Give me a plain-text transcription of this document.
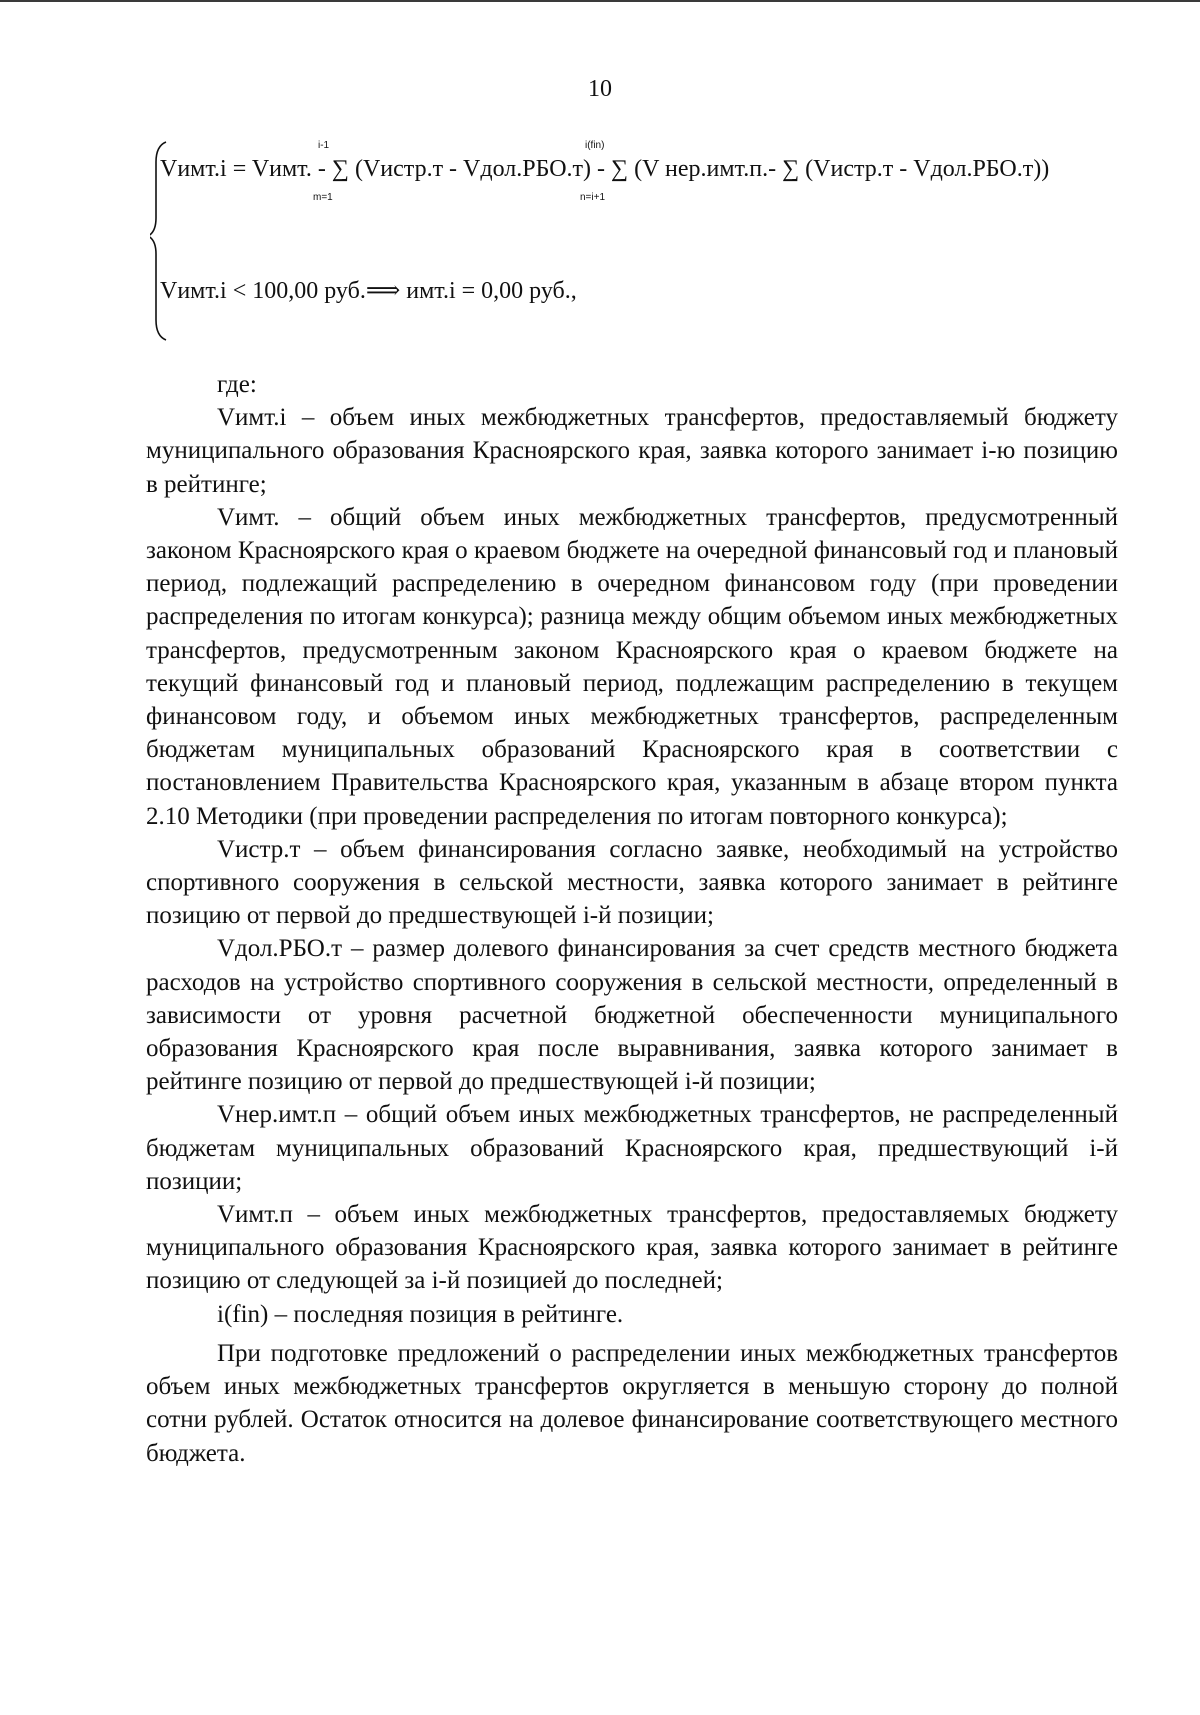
10
Vимт.i = Vимт. - ∑ (Vистр.т - Vдол.РБО.т) - ∑ (V нер.имт.п.- ∑ (Vистр.т - Vдол.РБО.т))
i-1
m=1
i(fin)
n=i+1
Vимт.i < 100,00 руб.⟹ имт.i = 0,00 руб.,

где:

Vимт.i – объем иных межбюджетных трансфертов, предоставляемый бюджету муниципального образования Красноярского края, заявка которого занимает i-ю позицию в рейтинге;

Vимт. – общий объем иных межбюджетных трансфертов, предусмотренный законом Красноярского края о краевом бюджете на очередной финансовый год и плановый период, подлежащий распределению в очередном финансовом году (при проведении распределения по итогам конкурса); разница между общим объемом иных межбюджетных трансфертов, предусмотренным законом Красноярского края о краевом бюджете на текущий финансовый год и плановый период, подлежащим распределению в текущем финансовом году, и объемом иных межбюджетных трансфертов, распределенным бюджетам муниципальных образований Красноярского края в соответствии с постановлением Правительства Красноярского края, указанным в абзаце втором пункта 2.10 Методики (при проведении распределения по итогам повторного конкурса);

Vистр.т – объем финансирования согласно заявке, необходимый на устройство спортивного сооружения в сельской местности, заявка которого занимает в рейтинге позицию от первой до предшествующей i-й позиции;

Vдол.РБО.т – размер долевого финансирования за счет средств местного бюджета расходов на устройство спортивного сооружения в сельской местности, определенный в зависимости от уровня расчетной бюджетной обеспеченности муниципального образования Красноярского края после выравнивания, заявка которого занимает в рейтинге позицию от первой до предшествующей i-й позиции;

Vнер.имт.п – общий объем иных межбюджетных трансфертов, не распределенный бюджетам муниципальных образований Красноярского края, предшествующий i-й позиции;

Vимт.п – объем иных межбюджетных трансфертов, предоставляемых бюджету муниципального образования Красноярского края, заявка которого занимает в рейтинге позицию от следующей за i-й позицией до последней;

i(fin) – последняя позиция в рейтинге.

При подготовке предложений о распределении иных межбюджетных трансфертов объем иных межбюджетных трансфертов округляется в меньшую сторону до полной сотни рублей. Остаток относится на долевое финансирование соответствующего местного бюджета.
